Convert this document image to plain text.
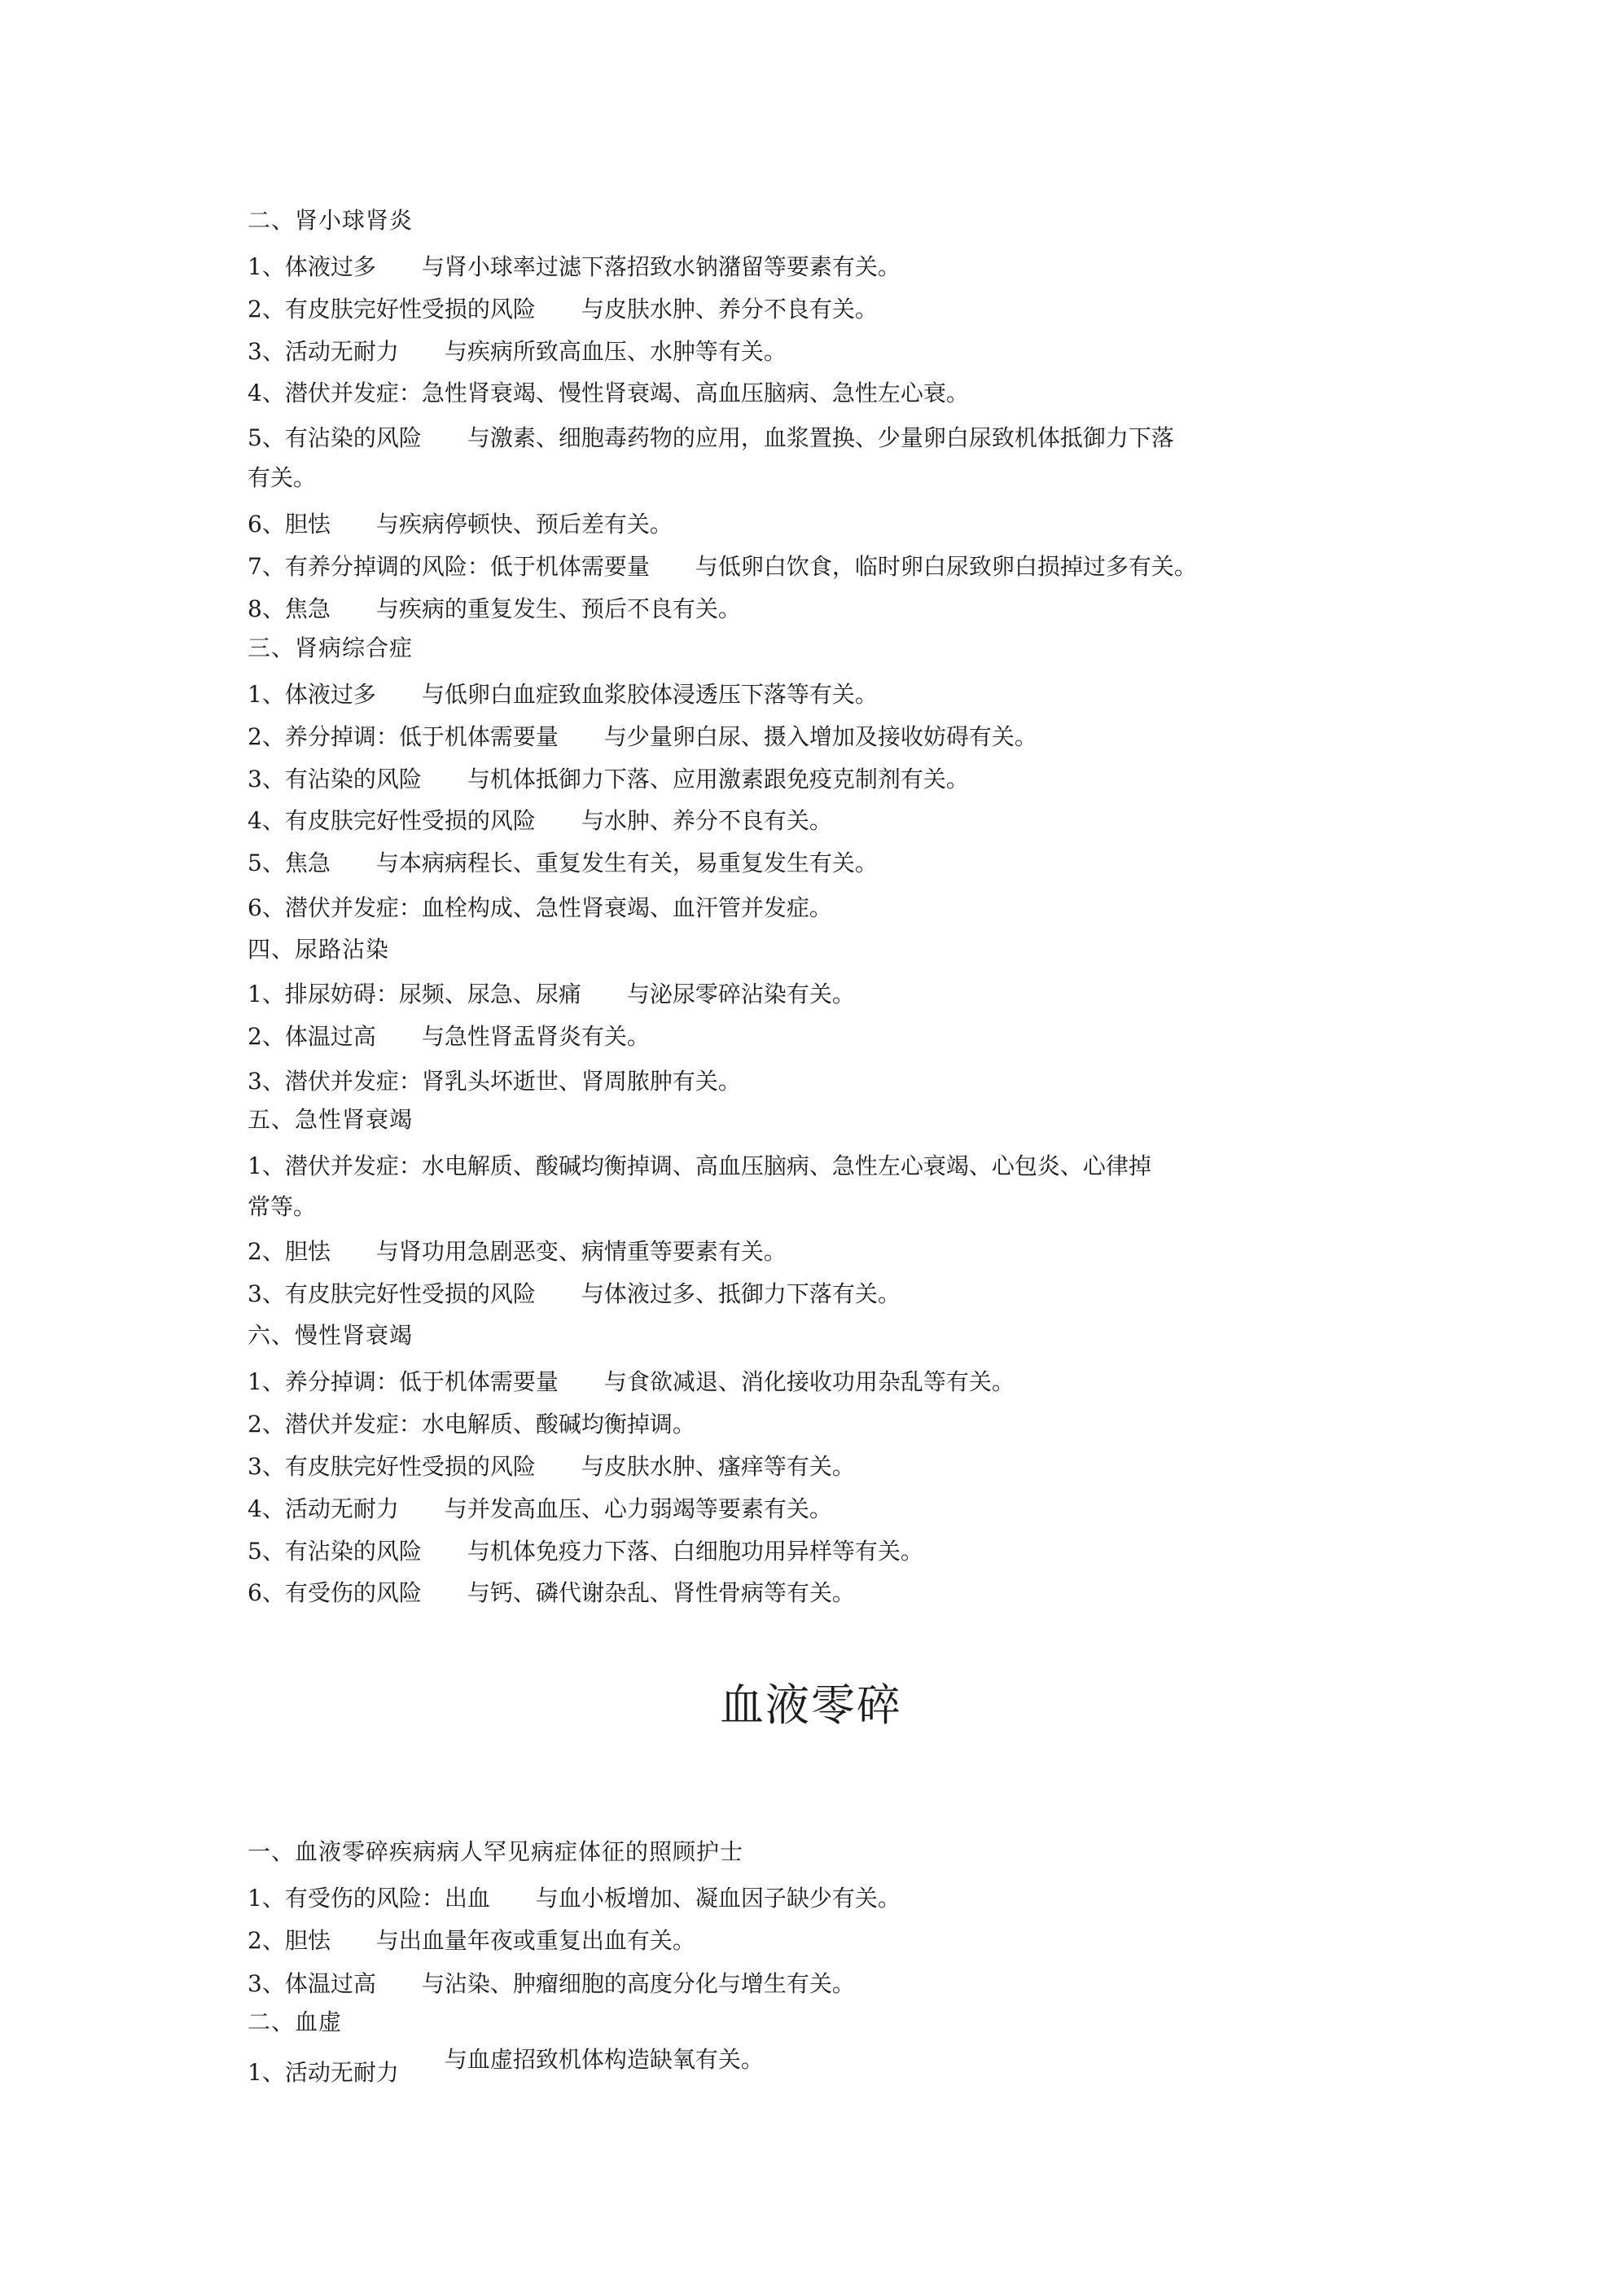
二、肾小球肾炎
1、体液过多 与肾小球率过滤下落招致水钠潴留等要素有关。
2、有皮肤完好性受损的风险 与皮肤水肿、养分不良有关。
3、活动无耐力 与疾病所致高血压、水肿等有关。
4、潜伏并发症：急性肾衰竭、慢性肾衰竭、高血压脑病、急性左心衰。
5、有沾染的风险 与激素、细胞毒药物的应用，血浆置换、少量卵白尿致机体抵御力下落
有关。
6、胆怯 与疾病停顿快、预后差有关。
7、有养分掉调的风险：低于机体需要量 与低卵白饮食，临时卵白尿致卵白损掉过多有关。
8、焦急 与疾病的重复发生、预后不良有关。
三、肾病综合症
1、体液过多 与低卵白血症致血浆胶体浸透压下落等有关。
2、养分掉调：低于机体需要量 与少量卵白尿、摄入增加及接收妨碍有关。
3、有沾染的风险 与机体抵御力下落、应用激素跟免疫克制剂有关。
4、有皮肤完好性受损的风险 与水肿、养分不良有关。
5、焦急 与本病病程长、重复发生有关，易重复发生有关。
6、潜伏并发症：血栓构成、急性肾衰竭、血汗管并发症。
四、尿路沾染
1、排尿妨碍：尿频、尿急、尿痛 与泌尿零碎沾染有关。
2、体温过高 与急性肾盂肾炎有关。
3、潜伏并发症：肾乳头坏逝世、肾周脓肿有关。
五、急性肾衰竭
1、潜伏并发症：水电解质、酸碱均衡掉调、高血压脑病、急性左心衰竭、心包炎、心律掉
常等。
2、胆怯 与肾功用急剧恶变、病情重等要素有关。
3、有皮肤完好性受损的风险 与体液过多、抵御力下落有关。
六、慢性肾衰竭
1、养分掉调：低于机体需要量 与食欲减退、消化接收功用杂乱等有关。
2、潜伏并发症：水电解质、酸碱均衡掉调。
3、有皮肤完好性受损的风险 与皮肤水肿、瘙痒等有关。
4、活动无耐力 与并发高血压、心力弱竭等要素有关。
5、有沾染的风险 与机体免疫力下落、白细胞功用异样等有关。
6、有受伤的风险 与钙、磷代谢杂乱、肾性骨病等有关。
血液零碎
一、血液零碎疾病病人罕见病症体征的照顾护士
1、有受伤的风险：出血 与血小板增加、凝血因子缺少有关。
2、胆怯 与出血量年夜或重复出血有关。
3、体温过高 与沾染、肿瘤细胞的高度分化与增生有关。
二、血虚
1、活动无耐力 与血虚招致机体构造缺氧有关。
